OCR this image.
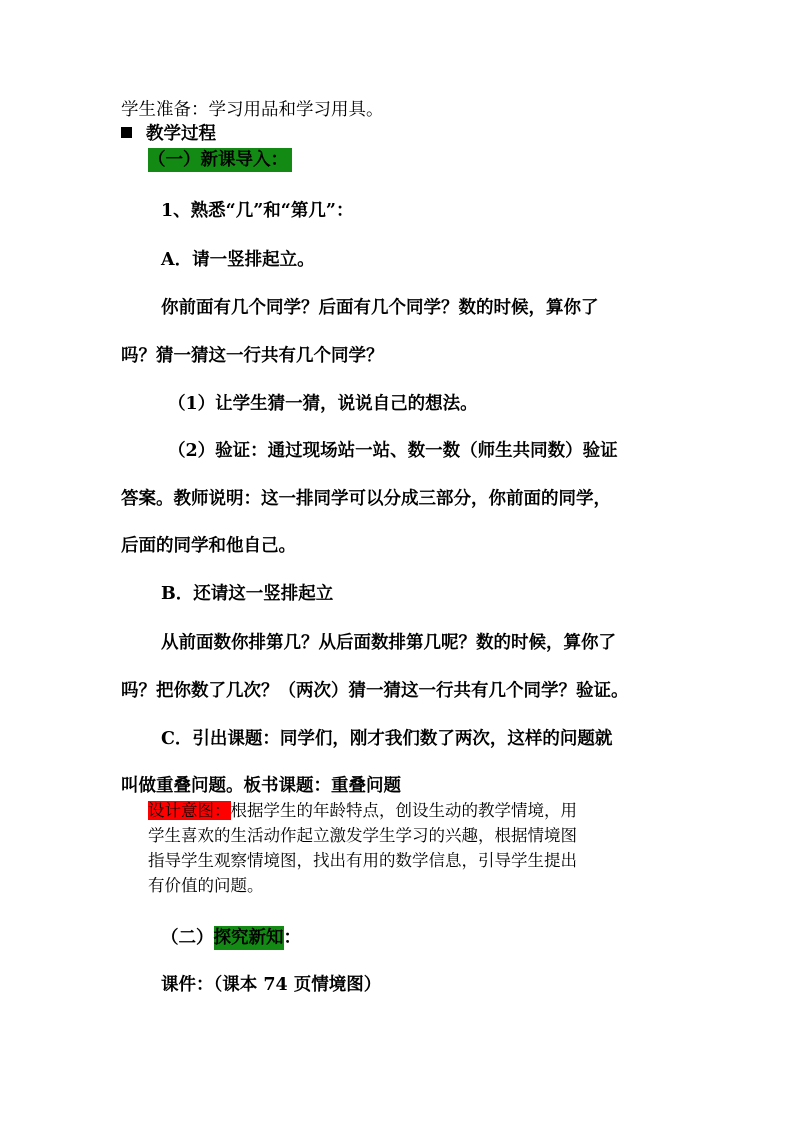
学生准备：学习用品和学习用具。
教学过程
（一）新课导入：
1、熟悉“几”和“第几”：
A．请一竖排起立。
你前面有几个同学？后面有几个同学？数的时候，算你了
吗？猜一猜这一行共有几个同学？
（1）让学生猜一猜，说说自己的想法。
（2）验证：通过现场站一站、数一数（师生共同数）验证
答案。教师说明：这一排同学可以分成三部分，你前面的同学，
后面的同学和他自己。
B．还请这一竖排起立
从前面数你排第几？从后面数排第几呢？数的时候，算你了
吗？把你数了几次？（两次）猜一猜这一行共有几个同学？验证。
C．引出课题：同学们，刚才我们数了两次，这样的问题就
叫做重叠问题。板书课题：重叠问题
设计意图：根据学生的年龄特点，创设生动的教学情境，用
学生喜欢的生活动作起立激发学生学习的兴趣，根据情境图
指导学生观察情境图，找出有用的数学信息，引导学生提出
有价值的问题。
（二）探究新知：
课件：（课本 74 页情境图）
